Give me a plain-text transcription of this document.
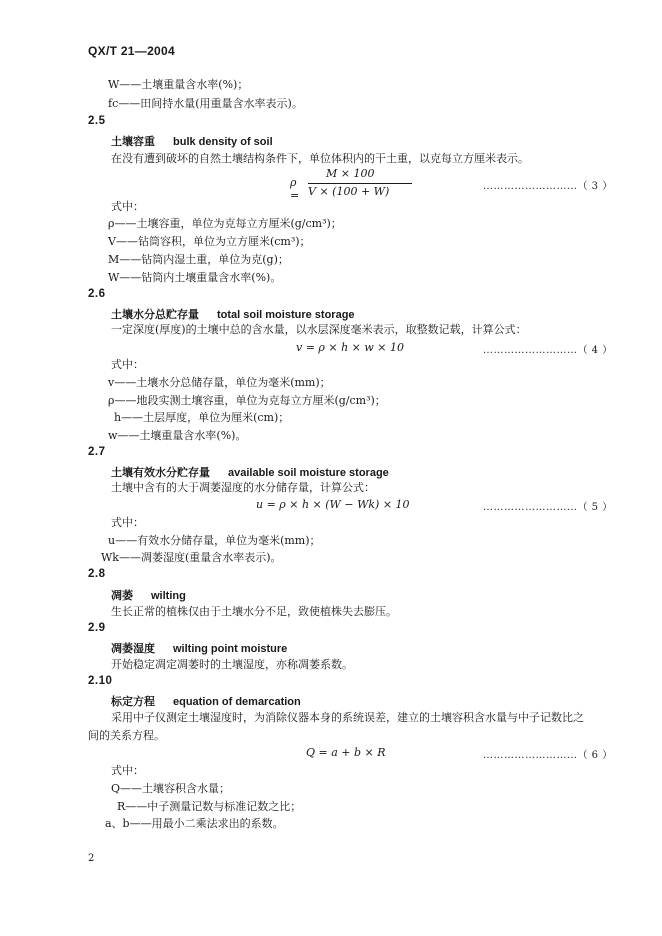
QX/T 21—2004
W——土壤重量含水率(%)；
fc——田间持水量(用重量含水率表示)。
2.5
土壤容重 bulk density of soil
在没有遭到破坏的自然土壤结构条件下，单位体积内的干土重，以克每立方厘米表示。
ρ =
M × 100
V × (100 + W)	………………………（ 3 ）
式中：
ρ——土壤容重，单位为克每立方厘米(g/cm³)；
V——钻筒容积，单位为立方厘米(cm³)；
M——钻筒内湿土重，单位为克(g)；
W——钻筒内土壤重量含水率(%)。
2.6
土壤水分总贮存量 total soil moisture storage
一定深度(厚度)的土壤中总的含水量，以水层深度毫米表示，取整数记载，计算公式：
v = ρ × h × w × 10	………………………（ 4 ）
式中：
v——土壤水分总储存量，单位为毫米(mm)；
ρ——地段实测土壤容重，单位为克每立方厘米(g/cm³)；
h——土层厚度，单位为厘米(cm)；
w——土壤重量含水率(%)。
2.7
土壤有效水分贮存量 available soil moisture storage
土壤中含有的大于凋萎湿度的水分储存量，计算公式：
u = ρ × h × (W − Wk) × 10	………………………（ 5 ）
式中：
u——有效水分储存量，单位为毫米(mm)；
Wk——凋萎湿度(重量含水率表示)。
2.8
凋萎 wilting
生长正常的植株仅由于土壤水分不足，致使植株失去膨压。
2.9
凋萎湿度 wilting point moisture
开始稳定凋定凋萎时的土壤湿度，亦称凋萎系数。
2.10
标定方程 equation of demarcation
采用中子仪测定土壤湿度时，为消除仪器本身的系统误差，建立的土壤容积含水量与中子记数比之
间的关系方程。
Q = a + b × R	………………………（ 6 ）
式中：
Q——土壤容积含水量；
R——中子测量记数与标准记数之比；
a、b——用最小二乘法求出的系数。
2
